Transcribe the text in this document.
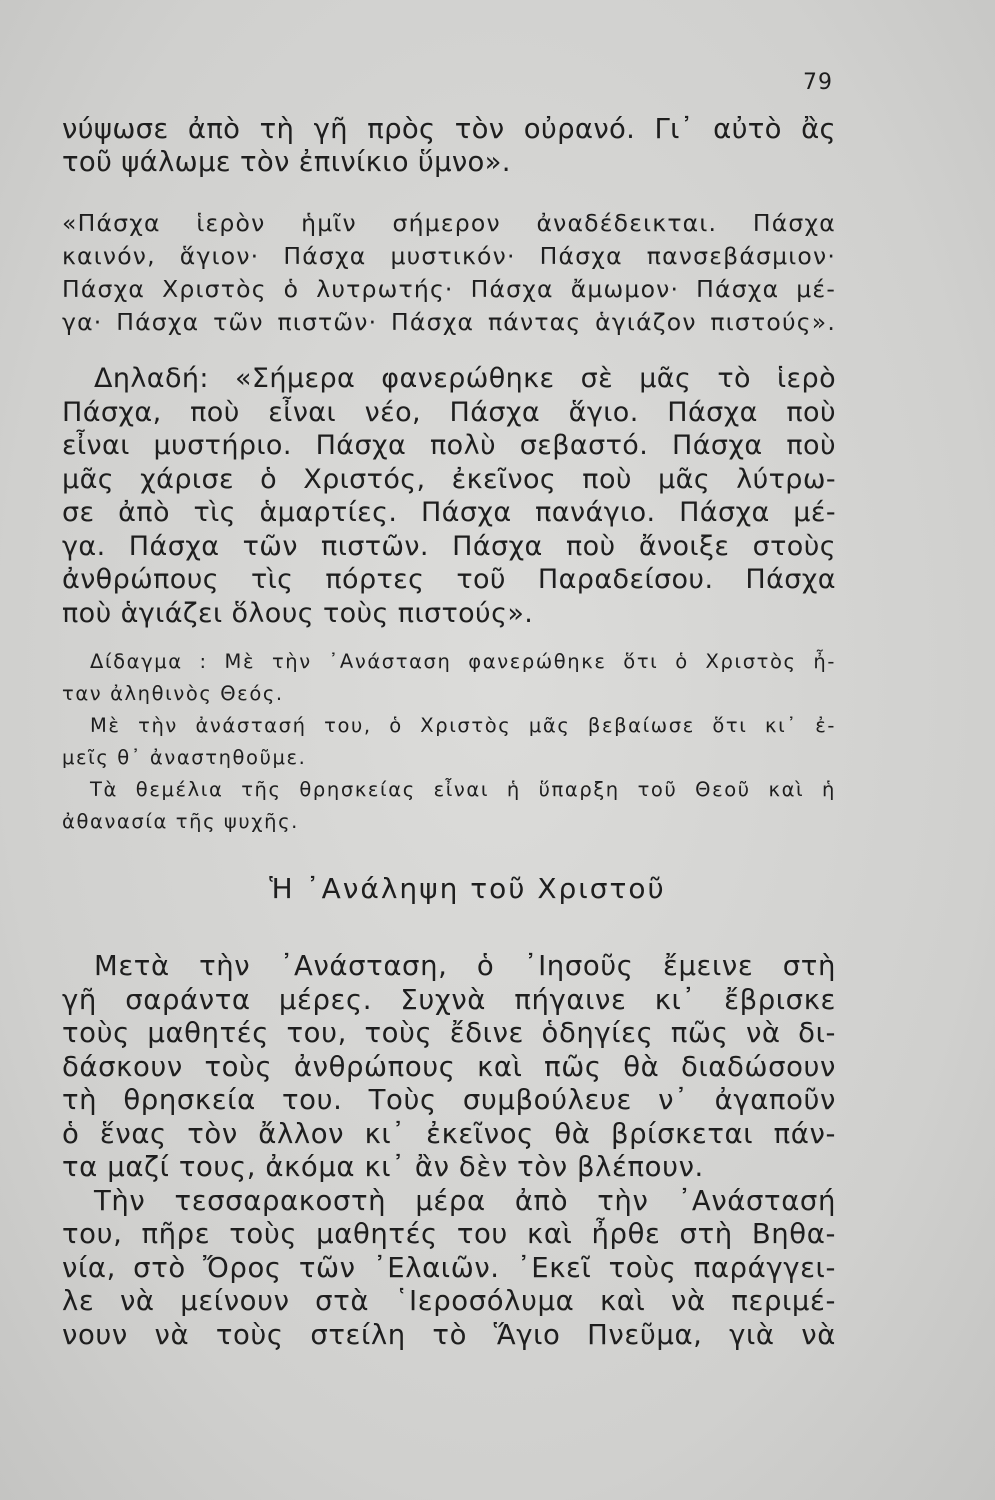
79
νύψωσε ἀπὸ τὴ γῆ πρὸς τὸν οὐρανό. Γι᾽ αὐτὸ ἂς
τοῦ ψάλωμε τὸν ἐπινίκιο ὕμνο».
«Πάσχα ἱερὸν ἡμῖν σήμερον ἀναδέδεικται. Πάσχα
καινόν, ἅγιον· Πάσχα μυστικόν· Πάσχα πανσεβάσμιον·
Πάσχα Χριστὸς ὁ λυτρωτής· Πάσχα ἄμωμον· Πάσχα μέ-
γα· Πάσχα τῶν πιστῶν· Πάσχα πάντας ἁγιάζον πιστούς».
Δηλαδή: «Σήμερα φανερώθηκε σὲ μᾶς τὸ ἱερὸ
Πάσχα, ποὺ εἶναι νέο, Πάσχα ἅγιο. Πάσχα ποὺ
εἶναι μυστήριο. Πάσχα πολὺ σεβαστό. Πάσχα ποὺ
μᾶς χάρισε ὁ Χριστός, ἐκεῖνος ποὺ μᾶς λύτρω-
σε ἀπὸ τὶς ἁμαρτίες. Πάσχα πανάγιο. Πάσχα μέ-
γα. Πάσχα τῶν πιστῶν. Πάσχα ποὺ ἄνοιξε στοὺς
ἀνθρώπους τὶς πόρτες τοῦ Παραδείσου. Πάσχα
ποὺ ἁγιάζει ὅλους τοὺς πιστούς».
Δίδαγμα : Μὲ τὴν ᾿Ανάσταση φανερώθηκε ὅτι ὁ Χριστὸς ἦ-
ταν ἀληθινὸς Θεός.
Μὲ τὴν ἀνάστασή του, ὁ Χριστὸς μᾶς βεβαίωσε ὅτι κι᾽ ἐ-
μεῖς θ᾽ ἀναστηθοῦμε.
Τὰ θεμέλια τῆς θρησκείας εἶναι ἡ ὕπαρξη τοῦ Θεοῦ καὶ ἡ
ἀθανασία τῆς ψυχῆς.
Ἡ ᾿Ανάληψη τοῦ Χριστοῦ
Μετὰ τὴν ᾿Ανάσταση, ὁ ᾿Ιησοῦς ἔμεινε στὴ
γῆ σαράντα μέρες. Συχνὰ πήγαινε κι᾽ ἔβρισκε
τοὺς μαθητές του, τοὺς ἔδινε ὁδηγίες πῶς νὰ δι-
δάσκουν τοὺς ἀνθρώπους καὶ πῶς θὰ διαδώσουν
τὴ θρησκεία του. Τοὺς συμβούλευε ν᾽ ἀγαποῦν
ὁ ἕνας τὸν ἄλλον κι᾽ ἐκεῖνος θὰ βρίσκεται πάν-
τα μαζί τους, ἀκόμα κι᾽ ἂν δὲν τὸν βλέπουν.
Τὴν τεσσαρακοστὴ μέρα ἀπὸ τὴν ᾿Ανάστασή
του, πῆρε τοὺς μαθητές του καὶ ἦρθε στὴ Βηθα-
νία, στὸ Ὄρος τῶν ᾿Ελαιῶν. ᾿Εκεῖ τοὺς παράγγει-
λε νὰ μείνουν στὰ ῾Ιεροσόλυμα καὶ νὰ περιμέ-
νουν νὰ τοὺς στείλη τὸ Ἅγιο Πνεῦμα, γιὰ νὰ
